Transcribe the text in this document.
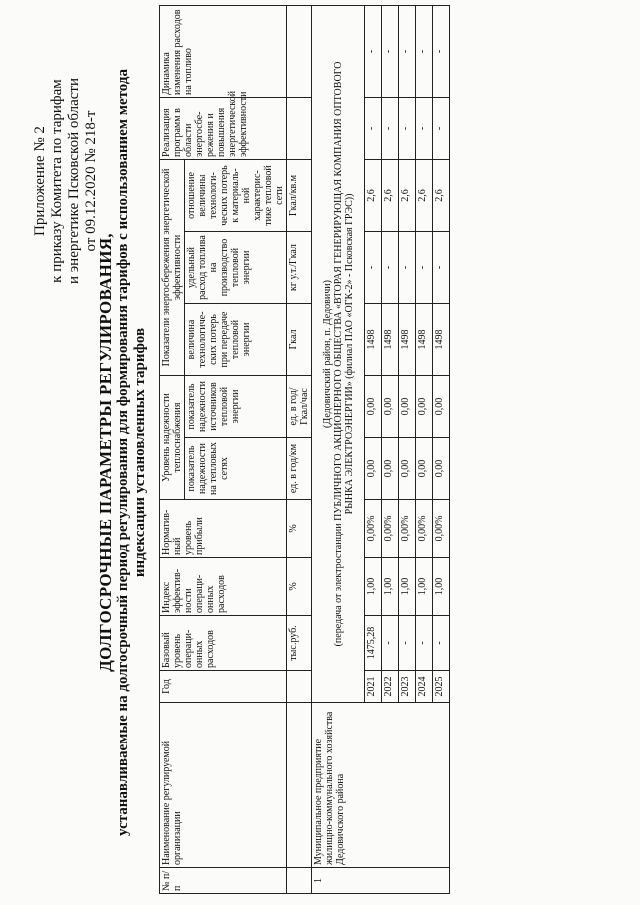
Приложение № 2 к приказу Комитета по тарифам и энергетике Псковской области от 09.12.2020 № 218-т
ДОЛГОСРОЧНЫЕ ПАРАМЕТРЫ РЕГУЛИРОВАНИЯ, устанавливаемые на долгосрочный период регулирования для формирования тарифов с использованием метода индексации установленных тарифов
№ п/п	Наименование регулируемой организации	Год	Базовый уровень операци-онных расходов	Индекс эффектив-ности операци-онных расходов	Норматив-ный уровень прибыли	Уровень надежности теплоснабжения		Показатели энергосбережения энергетической эффективности			Реализация программ в области энергосбе-режения и повышения энергетической эффективности	Динамика изменения расходов на топливо
						показатель надежности на тепловых сетях	показатель надежности источников тепловой энергии	величина технологиче-ских потерь при передаче тепловой энергии	удельный расход топлива на производство тепловой энергии	отношение величины технологи-ческих потерь к материаль-ной характерис-тике тепловой сети		
			тыс.руб.	%	%	ед. в год/км	ед. в год/Гкал/час	Гкал	кг у.т./Гкал	Гкал/кв.м		
1	Муниципальное предприятие жилищно-коммунального хозяйства Дедовичского района	(Дедовичский район, п. Дедовичи) (передача от электростанции ПУБЛИЧНОГО АКЦИОНЕРНОГО ОБЩЕСТВА «ВТОРАЯ ГЕНЕРИРУЮЩАЯ КОМПАНИЯ ОПТОВОГО РЫНКА ЭЛЕКТРОЭНЕРГИИ» (филиал ПАО «ОГК-2» - Псковская ГРЭС))										

		2021	1475,28	1,00	0,00%	0,00	0,00	1498	-	2,6	-	-
		2022	-	1,00	0,00%	0,00	0,00	1498	-	2,6	-	-
		2023	-	1,00	0,00%	0,00	0,00	1498	-	2,6	-	-
		2024	-	1,00	0,00%	0,00	0,00	1498	-	2,6	-	-
		2025	-	1,00	0,00%	0,00	0,00	1498	-	2,6	-	-
